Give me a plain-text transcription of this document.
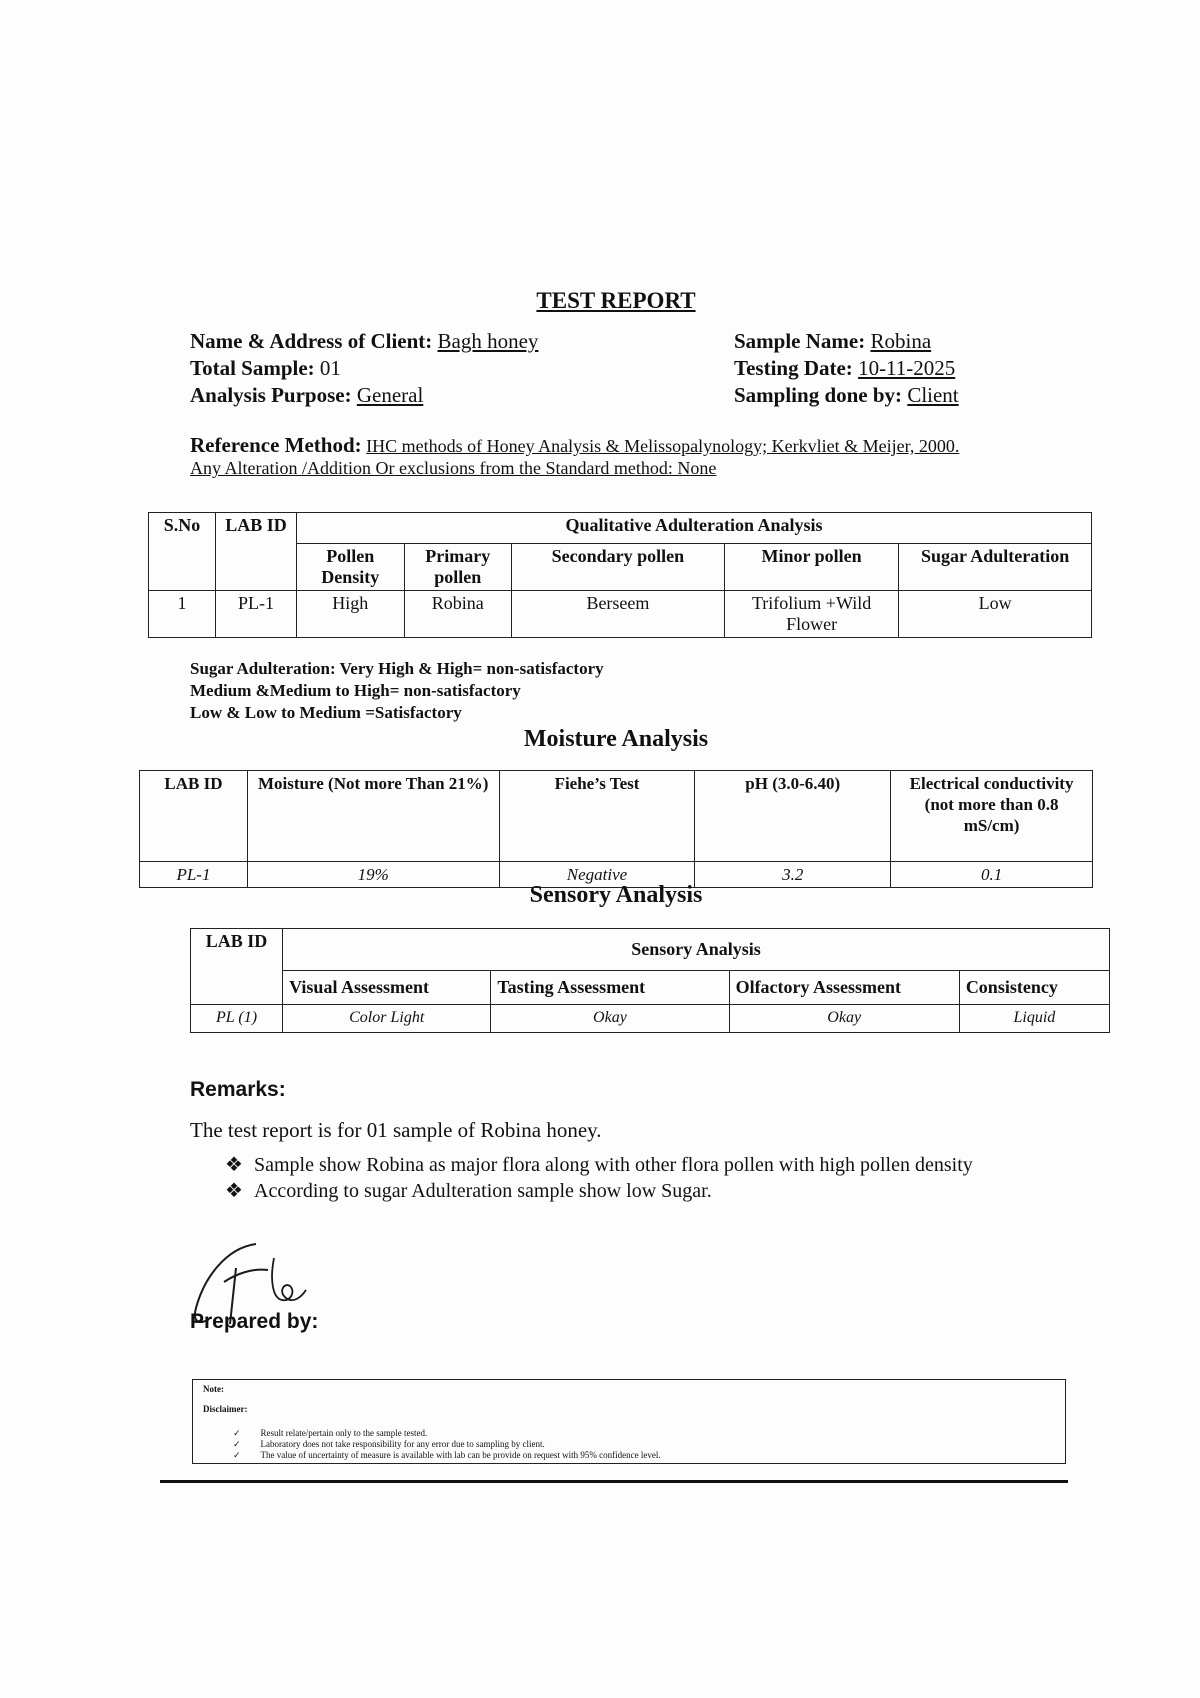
TEST REPORT
Name & Address of Client: Bagh honey
Total Sample: 01
Analysis Purpose: General
Sample Name: Robina
Testing Date: 10-11-2025
Sampling done by: Client
Reference Method: IHC methods of Honey Analysis & Melissopalynology; Kerkvliet & Meijer, 2000.
Any Alteration /Addition Or exclusions from the Standard method: None
S.No	LAB ID	Qualitative Adulteration Analysis				
		Pollen Density	Primary pollen	Secondary pollen	Minor pollen	Sugar Adulteration
1	PL-1	High	Robina	Berseem	Trifolium +Wild Flower	Low
Sugar Adulteration: Very High & High= non-satisfactory
Medium &Medium to High= non-satisfactory
Low & Low to Medium =Satisfactory
Moisture Analysis
LAB ID	Moisture (Not more Than 21%)	Fiehe’s Test	pH (3.0-6.40)	Electrical conductivity (not more than 0.8 mS/cm)
PL-1	19%	Negative	3.2	0.1
Sensory Analysis
LAB ID	Sensory Analysis			
	Visual Assessment	Tasting Assessment	Olfactory Assessment	Consistency
PL (1)	Color Light	Okay	Okay	Liquid
Remarks:
The test report is for 01 sample of Robina honey.
❖ Sample show Robina as major flora along with other flora pollen with high pollen density
❖ According to sugar Adulteration sample show low Sugar.
Prepared by:
Note:
Disclaimer:
✓ Result relate/pertain only to the sample tested.
✓ Laboratory does not take responsibility for any error due to sampling by client.
✓ The value of uncertainty of measure is available with lab can be provide on request with 95% confidence level.
